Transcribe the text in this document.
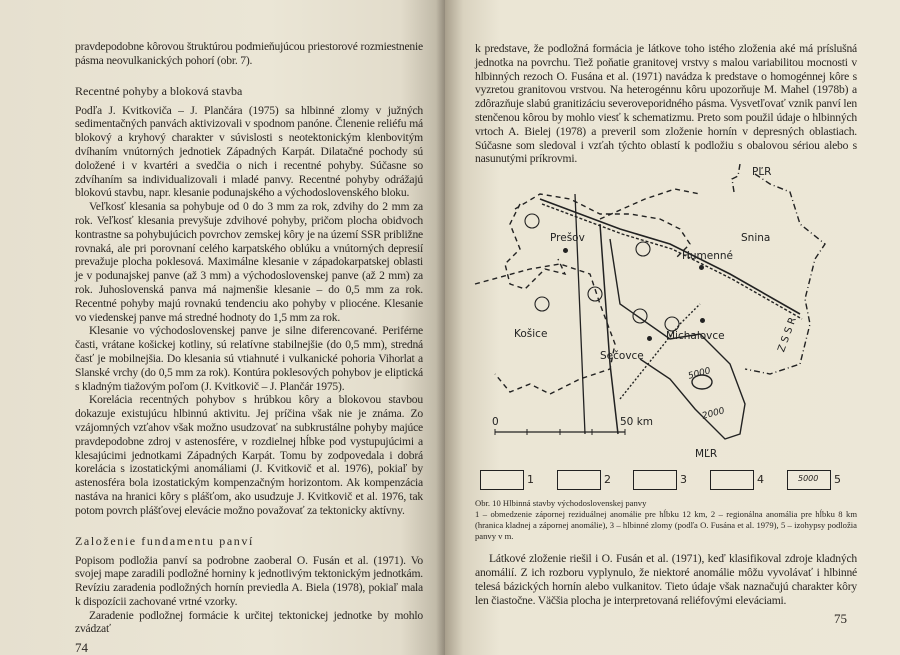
pravdepodobne kôrovou štruktúrou podmieňujúcou priestorové rozmiestnenie pásma neovulkanických pohorí (obr. 7).
Recentné pohyby a bloková stavba
Podľa J. Kvitkoviča – J. Plančára (1975) sa hlbinné zlomy v južných sedimentačných panvách aktivizovali v spodnom panóne. Členenie reliéfu má blokový a kryhový charakter v súvislosti s neotektonickým klenbovitým dvíhaním vnútorných jednotiek Západných Karpát. Dilatačné pochody sú doložené i v kvartéri a svedčia o nich i recentné pohyby. Súčasne so zdvíhaním sa individualizovali i mladé panvy. Recentné pohyby odrážajú blokovú stavbu, napr. klesanie podunajského a východoslovenského bloku.
Veľkosť klesania sa pohybuje od 0 do 3 mm za rok, zdvihy do 2 mm za rok. Veľkosť klesania prevyšuje zdvihové pohyby, pričom plocha obidvoch kontrastne sa pohybujúcich povrchov zemskej kôry je na území SSR približne rovnaká, ale pri porovnaní celého karpatského oblúku a vnútorných depresií prevažuje plocha poklesová. Maximálne klesanie v západokarpatskej oblasti je v podunajskej panve (až 3 mm) a východoslovenskej panve (až 2 mm) za rok. Juhoslovenská panva má najmenšie klesanie – do 0,5 mm za rok. Recentné pohyby majú rovnakú tendenciu ako pohyby v pliocéne. Klesanie vo viedenskej panve má stredné hodnoty do 1,5 mm za rok.
Klesanie vo východoslovenskej panve je silne diferencované. Periférne časti, vrátane košickej kotliny, sú relatívne stabilnejšie (do 0,5 mm), stredná časť je mobilnejšia. Do klesania sú vtiahnuté i vulkanické pohoria Vihorlat a Slanské vrchy (do 0,5 mm za rok). Kontúra poklesových pohybov je eliptická s kladným tiažovým poľom (J. Kvitkovič – J. Plančár 1975).
Korelácia recentných pohybov s hrúbkou kôry a blokovou stavbou dokazuje existujúcu hlbinnú aktivitu. Jej príčina však nie je známa. Zo vzájomných vzťahov však možno usudzovať na subkrustálne pohyby majúce pravdepodobne zdroj v astenosfére, v rozdielnej hĺbke pod vystupujúcimi a klesajúcimi jednotkami Západných Karpát. Tomu by zodpovedala i dobrá korelácia s izostatickými anomáliami (J. Kvitkovič et al. 1976), pokiaľ by astenosféra bola izostatickým kompenzačným horizontom. Ak kompenzácia nastáva na hranici kôry s plášťom, ako usudzuje J. Kvitkovič et al. 1976, tak potom povrch plášťovej elevácie možno považovať za tektonicky aktívny.
Založenie fundamentu panví
Popisom podložia panví sa podrobne zaoberal O. Fusán et al. (1971). Vo svojej mape zaradili podložné horniny k jednotlivým tektonickým jednotkám. Revíziu zaradenia podložných hornín previedla A. Biela (1978), pokiaľ mala k dispozícii zachované vrtné vzorky.
Zaradenie podložnej formácie k určitej tektonickej jednotke by mohlo zvádzať
74
k predstave, že podložná formácia je látkove toho istého zloženia aké má príslušná jednotka na povrchu. Tiež poňatie granitovej vrstvy s malou variabilitou mocnosti v hlbinných rezoch O. Fusána et al. (1971) navádza k predstave o homogénnej kôre s vyzretou granitovou vrstvou. Na heterogénnu kôru upozorňuje M. Mahel (1978b) a zdôrazňuje slabú granitizáciu severoveporidného pásma. Vysvetľovať vznik panví len stenčenou kôrou by mohlo viesť k schematizmu. Preto som použil údaje o hlbinných vrtoch A. Bielej (1978) a preveril som zloženie hornín v depresných oblastiach. Súčasne som sledoval i vzťah týchto oblastí k podložiu s obalovou sériou alebo s nasunutými príkrovmi.
PĽR
Prešov	Snina
Humenné
Košice
Sečovce
Michalovce
5000
2000
Z S S R
0	50 km
MĽR
1	2	3	4	5000	5
Obr. 10 Hlbinná stavby východoslovenskej panvy
1 – obmedzenie zápornej reziduálnej anomálie pre hĺbku 12 km, 2 – regionálna anomália pre hĺbku 8 km (hranica kladnej a zápornej anomálie), 3 – hlbinné zlomy (podľa O. Fusána et al. 1979), 5 – izohypsy podložia panvy v m.
Látkové zloženie riešil i O. Fusán et al. (1971), keď klasifikoval zdroje kladných anomálií. Z ich rozboru vyplynulo, že niektoré anomálie môžu vyvolávať i hlbinné telesá bázických hornín alebo vulkanitov. Tieto údaje však naznačujú charakter kôry len čiastočne. Väčšia plocha je interpretovaná reliéfovými eleváciami.
75
